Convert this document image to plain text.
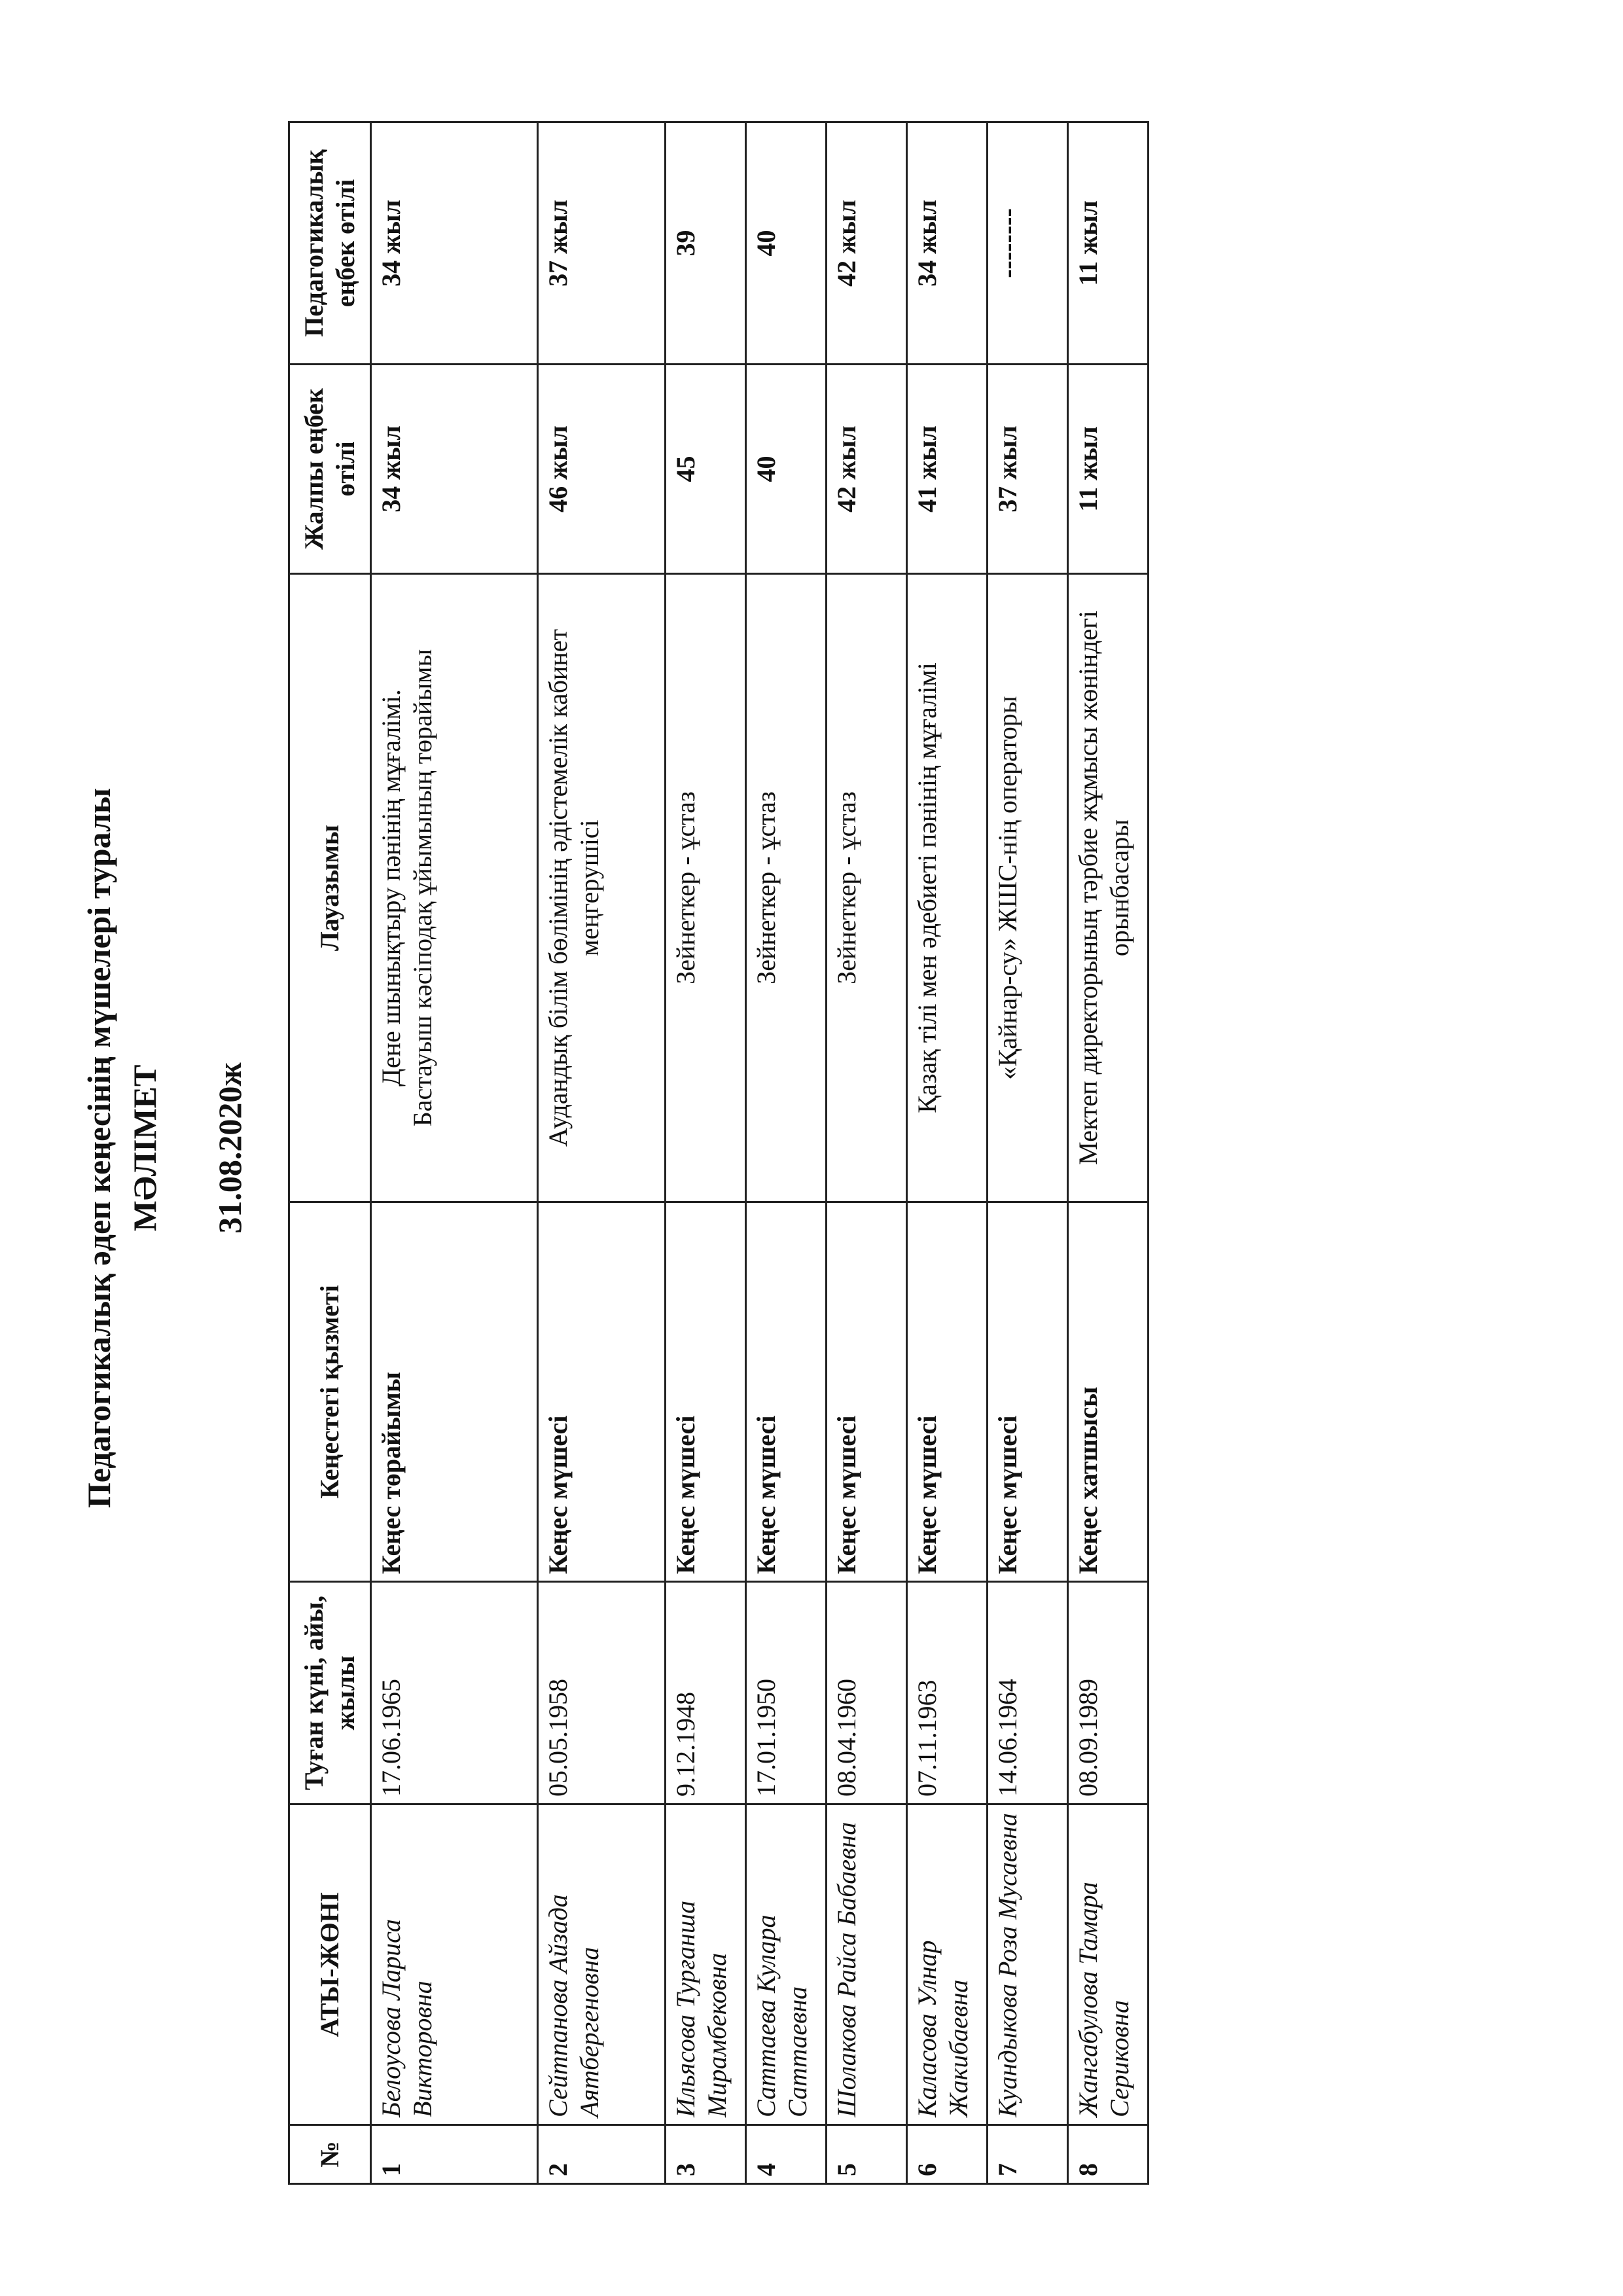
Педагогикалық әдеп кеңесінің мүшелері туралы МӘЛІМЕТ 31.08.2020ж
№	АТЫ-ЖӨНІ	Туған күні, айы, жылы	Кеңестегі қызметі	Лауазымы	Жалпы еңбек өтілі	Педагогикалық еңбек өтілі
1	Белоусова Лариса Викторовна	17.06.1965	Кеңес төрайымы	Дене шынықтыру пәнінің мұғалімі. Бастауыш кәсіподақ ұйымының төрайымы	34 жыл	34 жыл
2	Сейтпанова Айзада Аятбергеновна	05.05.1958	Кеңес мүшесі	Аудандық білім бөлімінің әдістемелік кабинет меңгерушісі	46 жыл	37 жыл
3	Ильясова Турғанша Мирамбековна	9.12.1948	Кеңес мүшесі	Зейнеткер - ұстаз	45	39
4	Саттаева Кулара Саттаевна	17.01.1950	Кеңес мүшесі	Зейнеткер - ұстаз	40	40
5	Шолакова Райса Бабаевна	08.04.1960	Кеңес мүшесі	Зейнеткер - ұстаз	42 жыл	42 жыл
6	Каласова Улнар Жакибаевна	07.11.1963	Кеңес мүшесі	Қазақ тілі мен әдебиеті пәнінің мұғалімі	41 жыл	34 жыл
7	Куандыкова Роза Мусаевна	14.06.1964	Кеңес мүшесі	«Қайнар-су» ЖШС-нің операторы	37 жыл	--------
8	Жангабулова Тамара Сериковна	08.09.1989	Кеңес хатшысы	Мектеп директорының тәрбие жұмысы жөніндегі орынбасары	11 жыл	11 жыл
